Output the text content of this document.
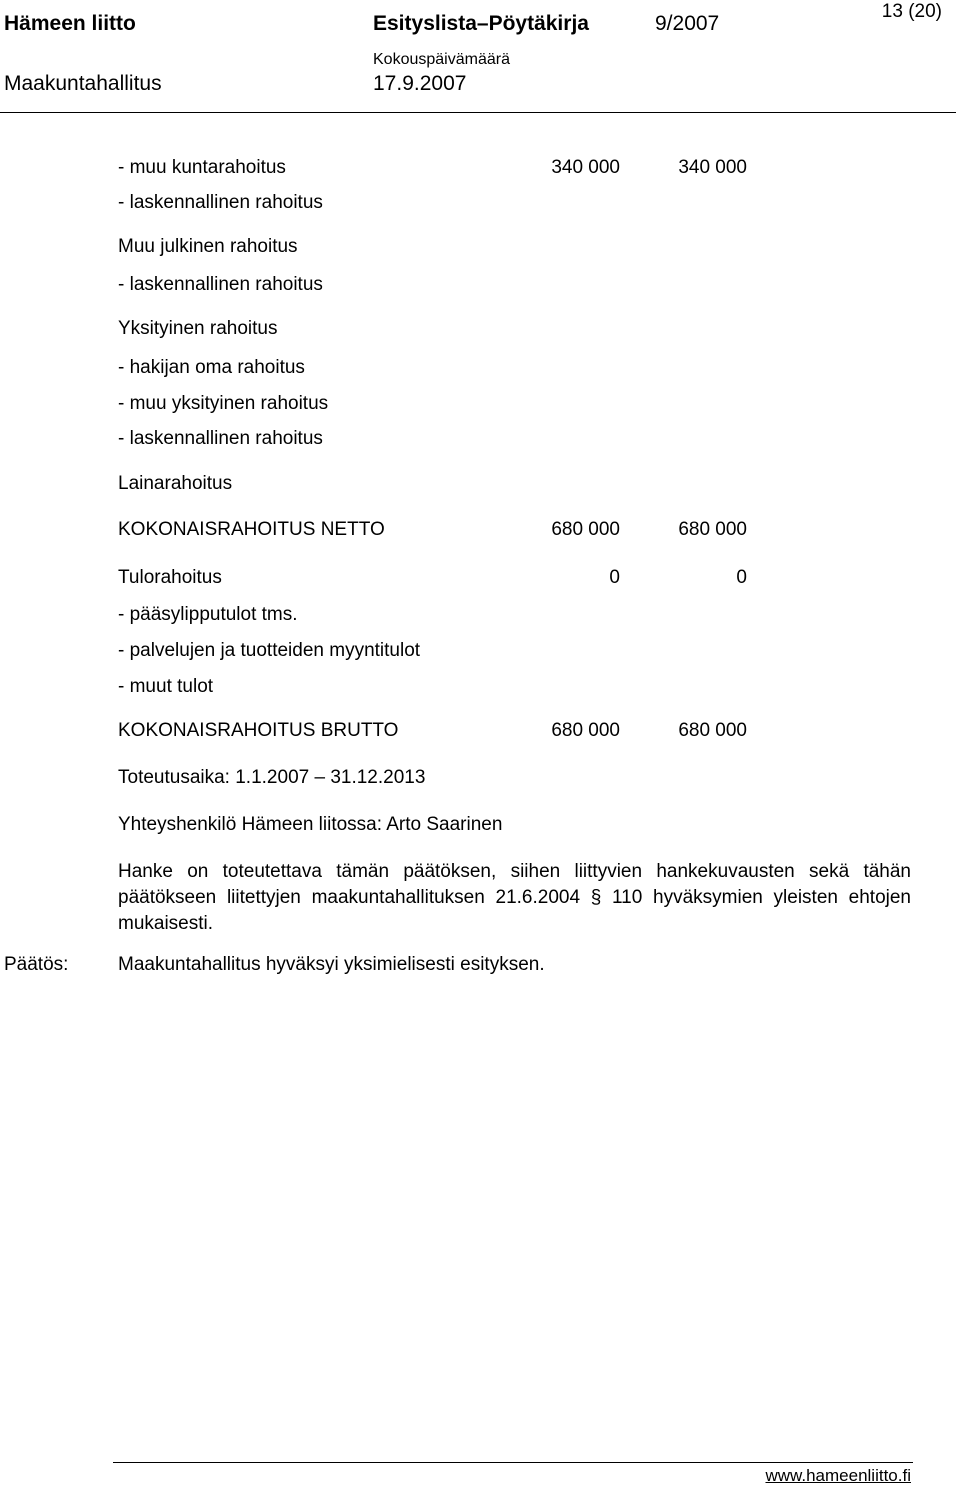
Hämeen liitto	Esityslista–Pöytäkirja	9/2007
13 (20)
Kokouspäivämäärä
Maakuntahallitus	17.9.2007
- muu kuntarahoitus	340 000	340 000
- laskennallinen rahoitus
Muu julkinen rahoitus
- laskennallinen rahoitus
Yksityinen rahoitus
- hakijan oma rahoitus
- muu yksityinen rahoitus
- laskennallinen rahoitus
Lainarahoitus
KOKONAISRAHOITUS NETTO	680 000	680 000
Tulorahoitus	0	0
- pääsylipputulot tms.
- palvelujen ja tuotteiden myyntitulot
- muut tulot
KOKONAISRAHOITUS BRUTTO	680 000	680 000
Toteutusaika: 1.1.2007 – 31.12.2013
Yhteyshenkilö Hämeen liitossa: Arto Saarinen
Hanke on toteutettava tämän päätöksen, siihen liittyvien hankekuvausten sekä tähän päätökseen liitettyjen maakuntahallituksen 21.6.2004 § 110 hyväksymien yleisten ehtojen mukaisesti.
Päätös:	Maakuntahallitus hyväksyi yksimielisesti esityksen.
www.hameenliitto.fi
